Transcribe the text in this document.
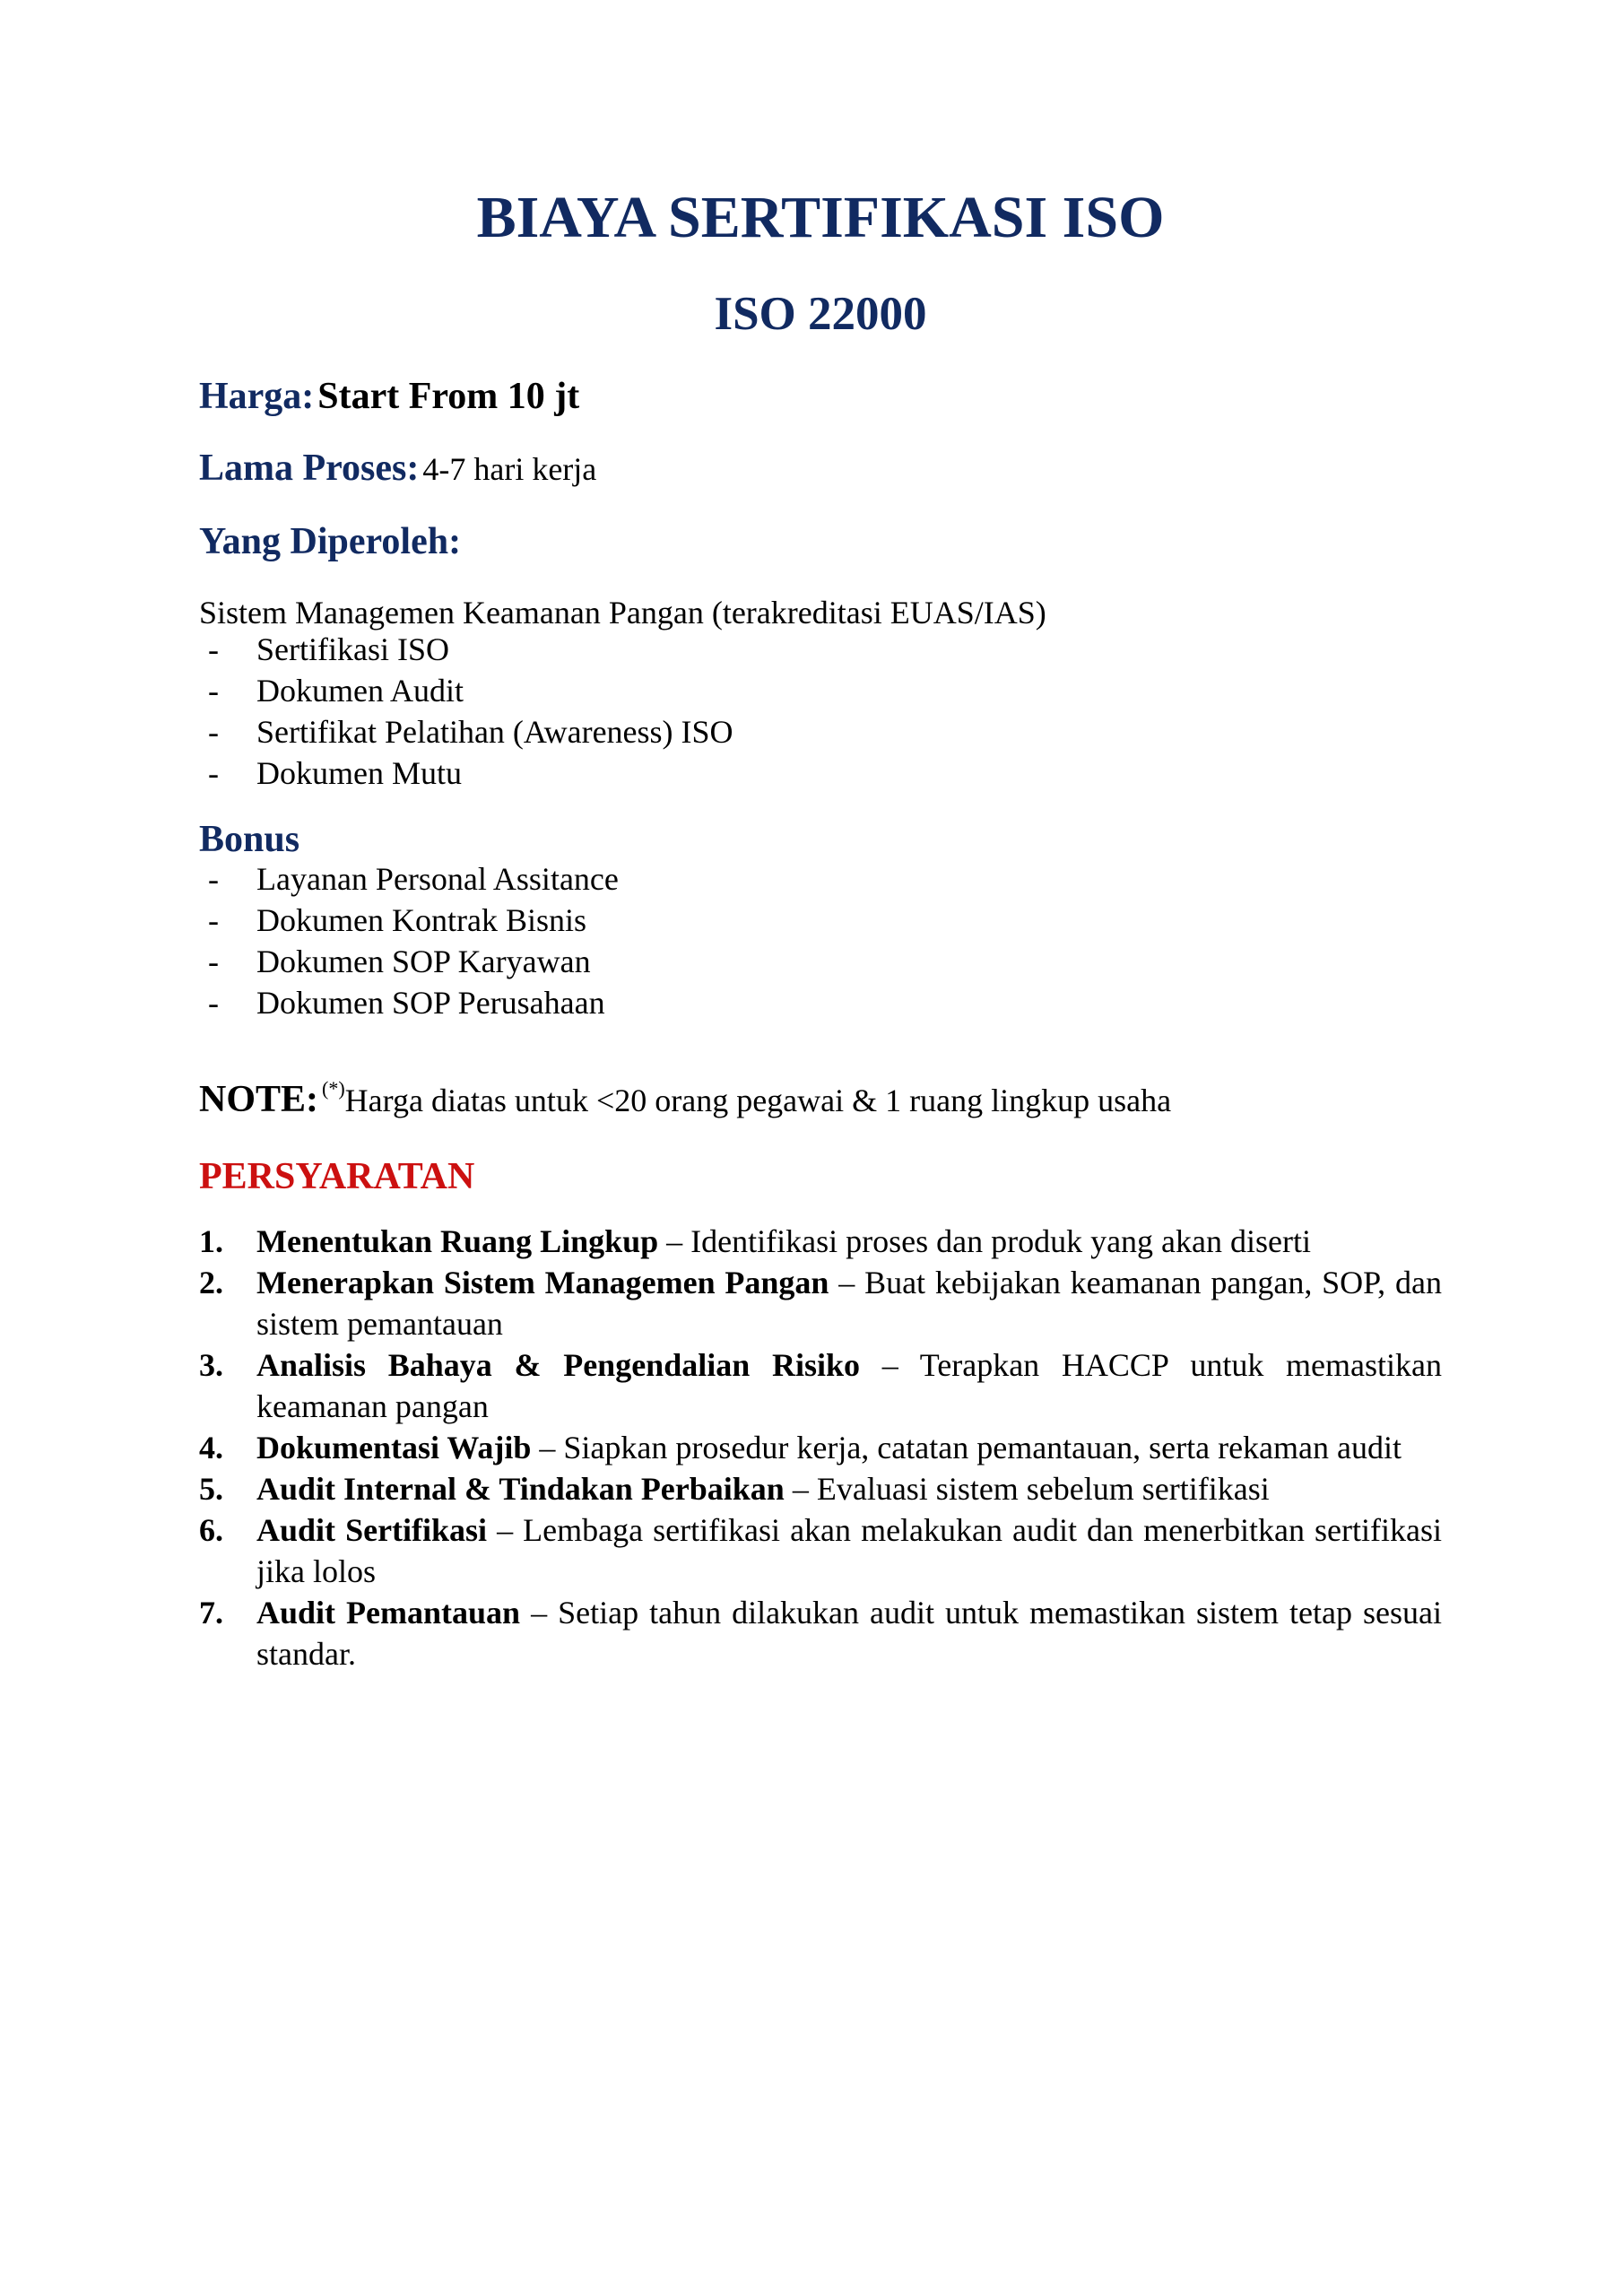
BIAYA SERTIFIKASI ISO
ISO 22000

Harga: Start From 10 jt

Lama Proses: 4-7 hari kerja

Yang Diperoleh:

Sistem Managemen Keamanan Pangan (terakreditasi EUAS/IAS)

- Sertifikasi ISO
- Dokumen Audit
- Sertifikat Pelatihan (Awareness) ISO
- Dokumen Mutu
Bonus
- Layanan Personal Assitance
- Dokumen Kontrak Bisnis
- Dokumen SOP Karyawan
- Dokumen SOP Perusahaan

NOTE: (*)Harga diatas untuk <20 orang pegawai & 1 ruang lingkup usaha

PERSYARATAN
1. Menentukan Ruang Lingkup – Identifikasi proses dan produk yang akan diserti
2. Menerapkan Sistem Managemen Pangan – Buat kebijakan keamanan pangan, SOP, dan sistem pemantauan
3. Analisis Bahaya & Pengendalian Risiko – Terapkan HACCP untuk memastikan keamanan pangan
4. Dokumentasi Wajib – Siapkan prosedur kerja, catatan pemantauan, serta rekaman audit
5. Audit Internal & Tindakan Perbaikan – Evaluasi sistem sebelum sertifikasi
6. Audit Sertifikasi – Lembaga sertifikasi akan melakukan audit dan menerbitkan sertifikasi jika lolos
7. Audit Pemantauan – Setiap tahun dilakukan audit untuk memastikan sistem tetap sesuai standar.
